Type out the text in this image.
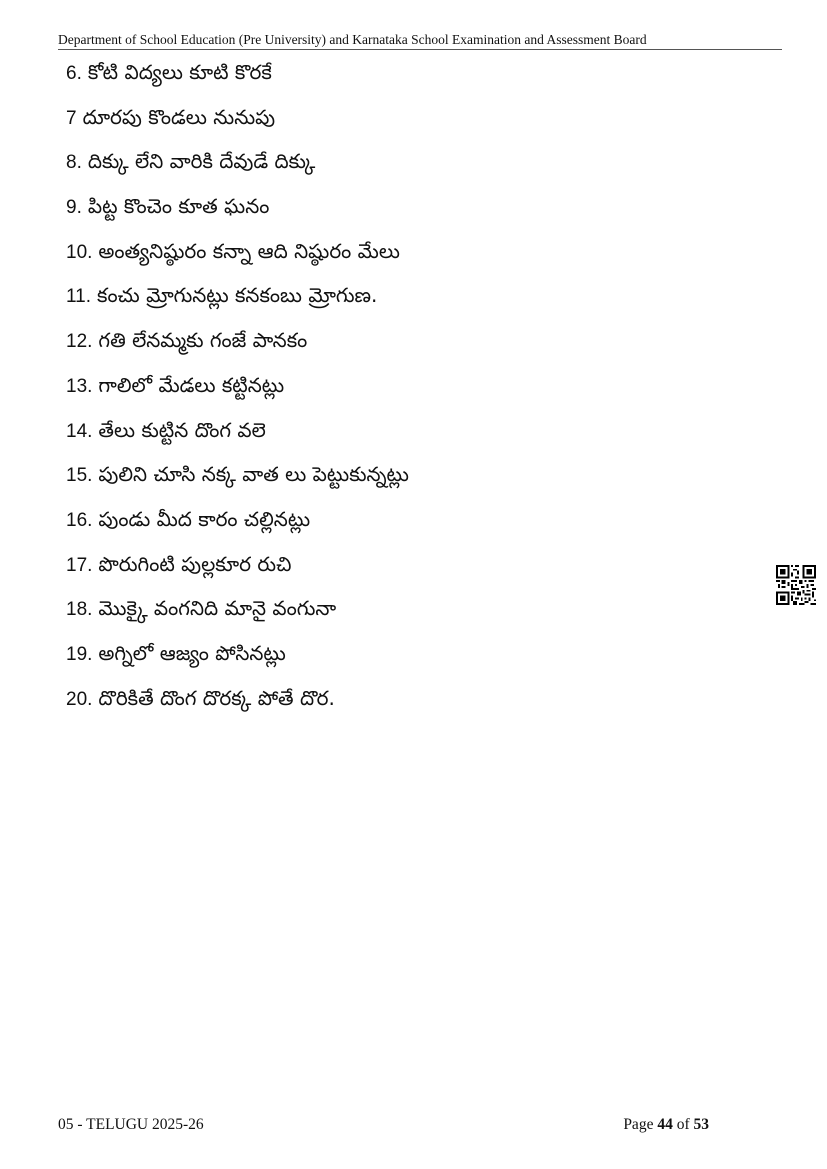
Department of School Education (Pre University) and Karnataka School Examination and Assessment Board
6. కోటి విద్యలు కూటి కొరకే
7 దూరపు కొండలు నునుపు
8. దిక్కు లేని వారికి దేవుడే దిక్కు
9. పిట్ట కొంచెం కూత ఘనం
10. అంత్యనిష్ఠురం కన్నా ఆది నిష్ఠురం మేలు
11. కంచు మ్రోగునట్లు కనకంబు మ్రోగుణ.
12. గతి లేనమ్మకు గంజే పానకం
13. గాలిలో మేడలు కట్టినట్లు
14. తేలు కుట్టిన దొంగ వలె
15. పులిని చూసి నక్క వాత లు పెట్టుకున్నట్లు
16. పుండు మీద కారం చల్లినట్లు
17. పొరుగింటి పుల్లకూర రుచి
18. మొక్కై వంగనిది మానై వంగునా
19. అగ్నిలో ఆజ్యం పోసినట్లు
20. దొరికితే దొంగ దొరక్క పోతే దొర.
05 - TELUGU 2025-26	Page 44 of 53
